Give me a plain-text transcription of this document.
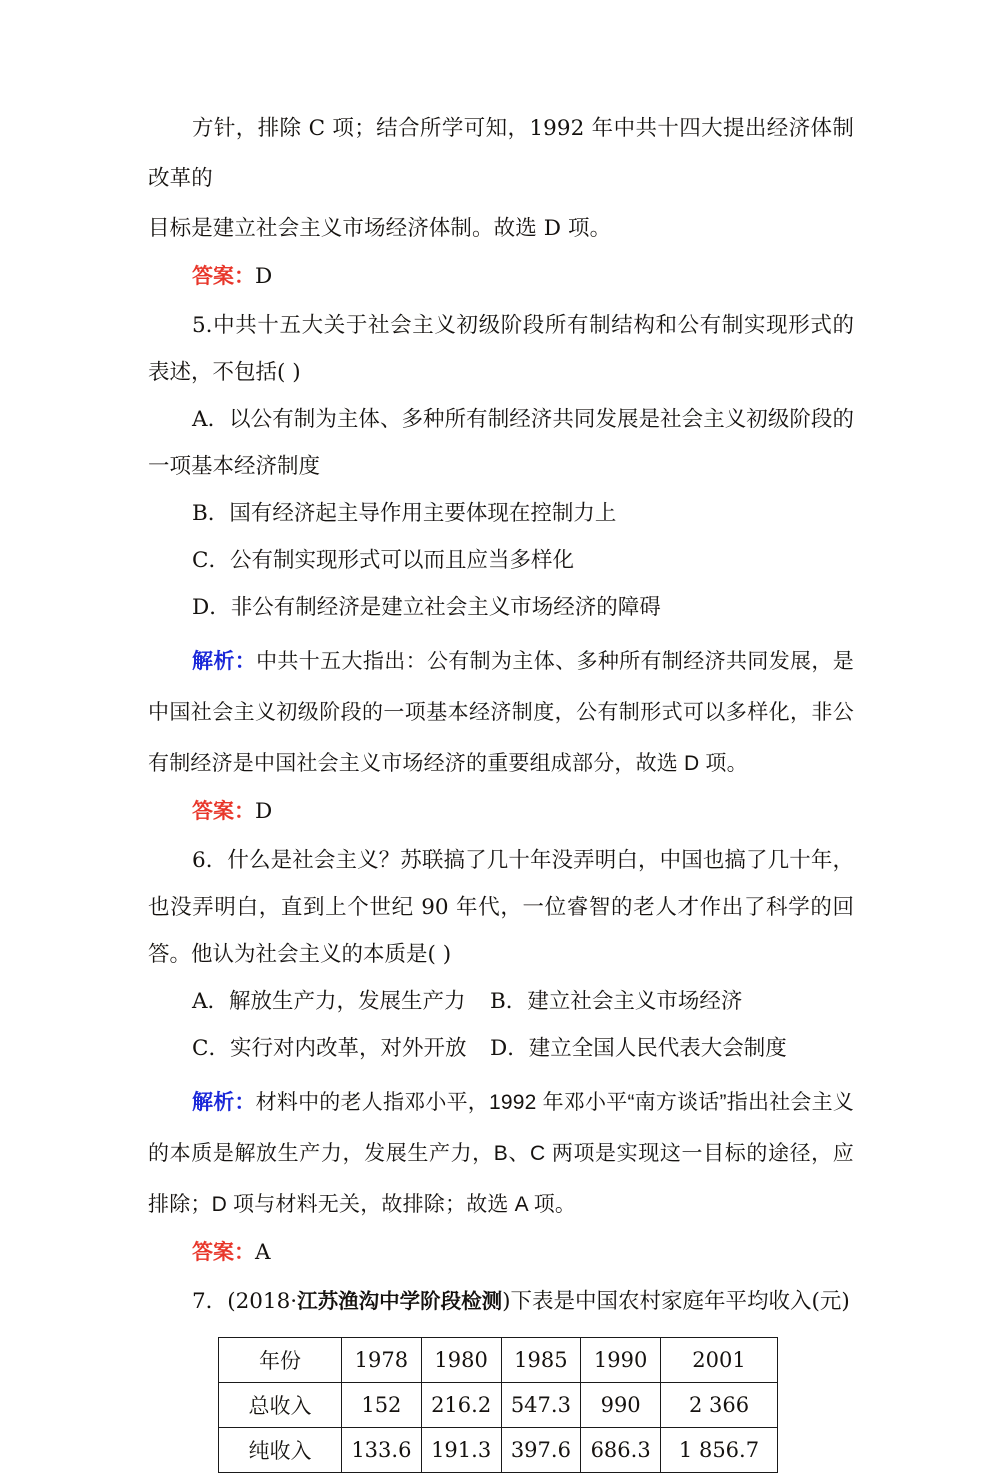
方针，排除 C 项；结合所学可知，1992 年中共十四大提出经济体制改革的

目标是建立社会主义市场经济体制。故选 D 项。

答案：D

5.中共十五大关于社会主义初级阶段所有制结构和公有制实现形式的表述，不包括( )

A．以公有制为主体、多种所有制经济共同发展是社会主义初级阶段的一项基本经济制度

B．国有经济起主导作用主要体现在控制力上

C．公有制实现形式可以而且应当多样化

D．非公有制经济是建立社会主义市场经济的障碍

解析：中共十五大指出：公有制为主体、多种所有制经济共同发展，是中国社会主义初级阶段的一项基本经济制度，公有制形式可以多样化，非公有制经济是中国社会主义市场经济的重要组成部分，故选 D 项。

答案：D

6．什么是社会主义？苏联搞了几十年没弄明白，中国也搞了几十年，也没弄明白，直到上个世纪 90 年代，一位睿智的老人才作出了科学的回答。他认为社会主义的本质是( )

A．解放生产力，发展生产力	B．建立社会主义市场经济
C．实行对内改革，对外开放	D．建立全国人民代表大会制度

解析：材料中的老人指邓小平，1992 年邓小平“南方谈话”指出社会主义的本质是解放生产力，发展生产力，B、C 两项是实现这一目标的途径，应排除；D 项与材料无关，故排除；故选 A 项。

答案：A

7．(2018·江苏渔沟中学阶段检测)下表是中国农村家庭年平均收入(元)

年份	1978	1980	1985	1990	2001
总收入	152	216.2	547.3	990	2 366
纯收入	133.6	191.3	397.6	686.3	1 856.7
